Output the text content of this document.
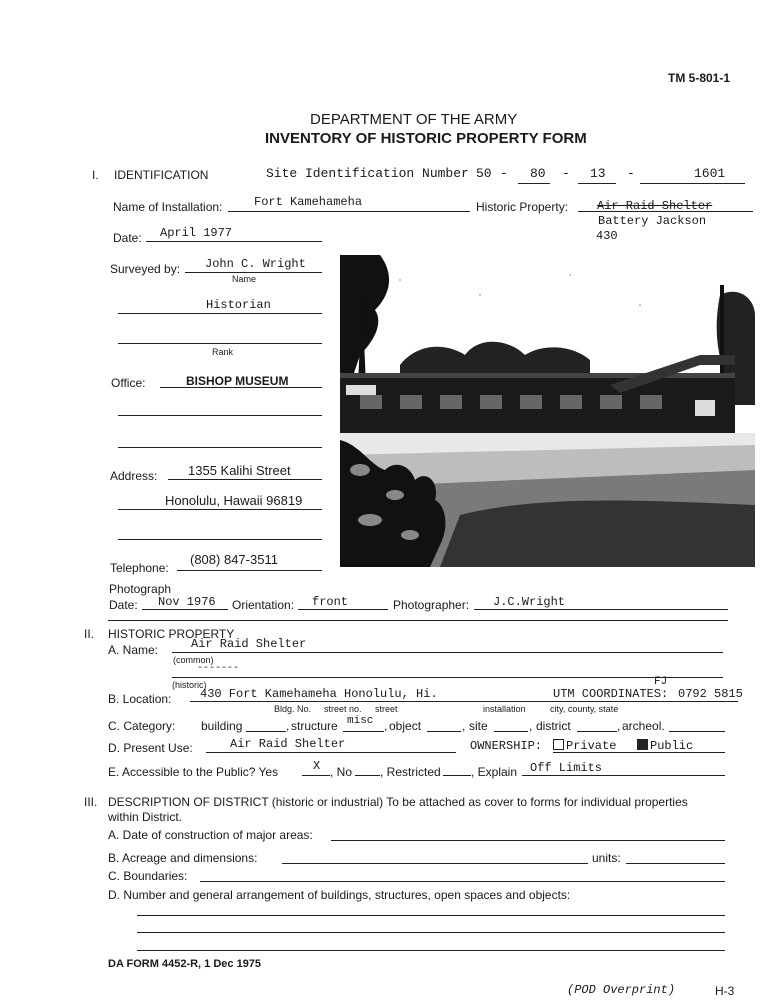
TM 5-801-1
DEPARTMENT OF THE ARMY
INVENTORY OF HISTORIC PROPERTY FORM
I. IDENTIFICATION	Site Identification Number 50 - 80 - 13 -	1601
Name of Installation:	Fort Kamehameha	Historic Property: Air Raid Shelter
Battery Jackson
430
Date: April 1977
Surveyed by: John C. Wright
Name
Historian
Rank
Office:	BISHOP MUSEUM
Address: 1355 Kalihi Street
Honolulu, Hawaii 96819
Telephone:
(808) 847-3511
Photograph
Date: Nov 1976 Orientation: front	Photographer: J.C.Wright
II. HISTORIC PROPERTY
A. Name:	Air Raid Shelter
(common)
-------
(historic)	FJ
B. Location: 430 Fort Kamehameha Honolulu, Hi.	UTM COORDINATES: 0792 5815
Bldg. No. street no. street	installation	city, county, state
C. Category: building	, structure misc , object	, site	, district	, archeol.
D. Present Use:	Air Raid Shelter	OWNERSHIP:	Private	Public
E. Accessible to the Public? Yes	X , No , Restricted	, Explain Off Limits
III. DESCRIPTION OF DISTRICT (historic or industrial) To be attached as cover to forms for individual properties
within District.
A. Date of construction of major areas:
B. Acreage and dimensions:	units:
C. Boundaries:
D. Number and general arrangement of buildings, structures, open spaces and objects:
DA FORM 4452-R, 1 Dec 1975
(POD Overprint)	H-3
